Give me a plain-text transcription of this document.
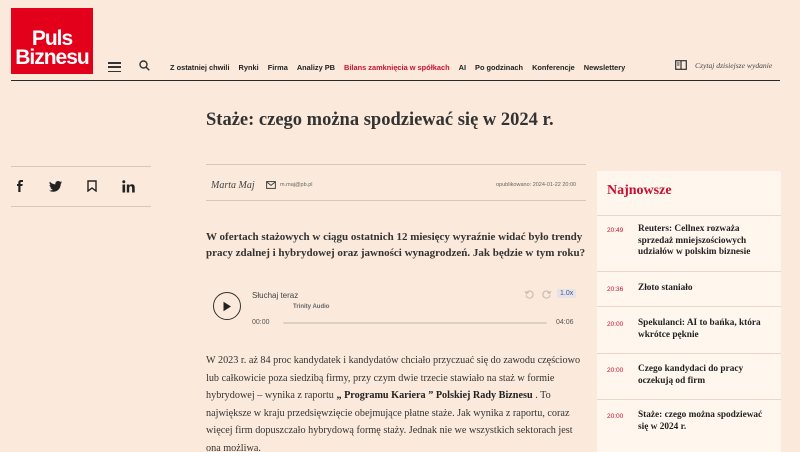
Puls
Biznesu	Z ostatniej chwili Rynki Firma Analizy PB Bilans zamknięcia w spółkach AI Po godzinach Konferencje Newslettery	Czytaj dzisiejsze wydanie
Staże: czego można spodziewać się w 2024 r.
Marta Maj	m.maj@pb.pl	opublikowano: 2024-01-22 20:00

W ofertach stażowych w ciągu ostatnich 12 miesięcy wyraźnie widać było trendy pracy zdalnej i hybrydowej oraz jawności wynagrodzeń. Jak będzie w tym roku?

Słuchaj teraz
Trinity Audio
1.0x
00:00	04:06

W 2023 r. aż 84 proc kandydatek i kandydatów chciało przyczuać się do zawodu częściowo lub całkowicie poza siedzibą firmy, przy czym dwie trzecie stawiało na staż w formie hybrydowej – wynika z raportu „ Programu Kariera ” Polskiej Rady Biznesu . To największe w kraju przedsięwzięcie obejmujące płatne staże. Jak wynika z raportu, coraz więcej firm dopuszczało hybrydową formę staży. Jednak nie we wszystkich sektorach jest ona możliwa.

Najnowsze
20:49 Reuters: Cellnex rozważa sprzedaż mniejszościowych udziałów w polskim biznesie
20:36 Złoto staniało
20:00 Spekulanci: AI to bańka, która wkrótce pęknie
20:00 Czego kandydaci do pracy oczekują od firm
20:00 Staże: czego można spodziewać się w 2024 r.
